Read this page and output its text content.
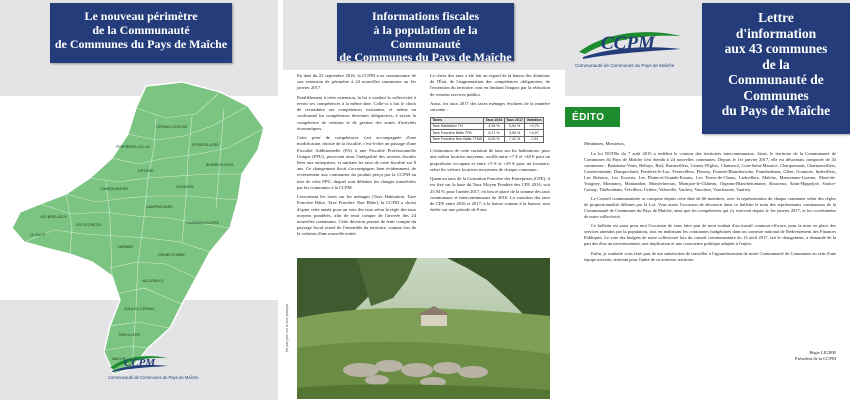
Le nouveau périmètre
de la Communauté
de Communes du Pays de Maîche
CERNAY-L'EGLISE
FERRIÈRES-LE-LAC	FESSEVILLERS
URTIÈRE
BURNEVILLERS
GOUMOIS
CHARQUEMONT
DAMPRICHARD
LES BREULEUX
LES ECORCES	CHARMAUVILLERS
LE BIZOT
NARBIEF
GRAND'COMBE
VALOREILLE
SOULCE-CERNAY
TREVILLERS
MAICHE
CCPM
Communauté de Communes du Pays de Maîche
Informations fiscales
à la population de la Communauté
de Communes du Pays de Maîche

En date du 22 septembre 2016, la CCPM a eu connaissance de son extension de périmètre à 24 nouvelles communes au 1er janvier 2017.

Parallèlement à cette extension, la loi a conduit la collectivité à revoir ses compétences à la même date. Celle-ci a fait le choix de reconduire ses compétences existantes, et même en conformité les compétences devenues obligatoires, à savoir la compétence de création et de gestion des zones d'activités économiques.

Cette prise de compétences s'est accompagnée d'une modification choisie de la fiscalité, c'est-à-dire un passage d'une Fiscalité Additionnelle (FA) à une Fiscalité Professionnelle Unique (FPU), percevant ainsi l'intégralité des recettes fiscales liées aux entreprises, et unifiant les taux de cette fiscalité sur 8 ans. Ce changement fiscal s'accompagne, bien évidemment, de reversement aux communes du produit perçu par la CCPM au titre de cette FPU, duquel sont déduites les charges transférées par les communes à la CCPM.

Concernant les taxes sur les ménages (Taxe Habitation, Taxe Foncière Bâtie, Taxe Foncière Non Bâtie), la CCPM a choisi d'opter cette année pour un vote des taux selon la règle des taux moyens pondérés, afin de tenir compte de l'arrivée des 24 nouvelles communes. Cette décision permet de tenir compte du paysage fiscal actuel de l'ensemble du territoire, comme lors de la création d'une nouvelle entité.

Le choix des taux a été fait au regard de la baisse des dotations de l'État, de l'augmentation des compétences obligatoires, de l'extension du territoire, tout en limitant l'impact par la réduction de certains services publics.

Aussi, les taux 2017 des taxes ménages évoluent de la manière suivante :

Taxes	Taux 2016	Taux 2017	Variation
Taxe Habitation TH	4,94 %	5,94 %	+0,70
Taxe Foncière Bâtie TFB	5,17 %	3,95 %	+0,07
Taxe Foncière Non Bâtie TFNB	8,00 %	7,42 %	-7,54

L'estimation de cette variation de taux sur les habitations, pour une valeur locative moyenne, oscille entre +7 € et +40 € pour un propriétaire occupant et entre +5 € et +29 € pour un locataire, selon les valeurs locatives moyennes de chaque commune.

Quant au taux de la Cotisation Foncière des Entreprises (CFE), il est fixé sur la base du Taux Moyen Pondéré des CFE 2016, soit 23.94 % pour l'année 2017, en lieu et place de la somme des taux communaux et intercommunaux de 2016. La variation des taux de CFE entre 2016 et 2017, à la baisse comme à la hausse, sera étalée sur une période de 8 ans.

Ne pas jeter sur la voie publique
CCPM
Communauté de Communes du Pays de Maîche
Lettre
d'information
aux 43 communes
de la
Communauté de
Communes
du Pays de Maîche
ÉDITO

Mesdames, Messieurs,

La loi NOTRe du 7 août 2015 a redéfini le contour des territoires intercommunaux. Ainsi, le territoire de la Communauté de Communes du Pays de Maîche s'est étendu à 24 nouvelles communes. Depuis le 1er janvier 2017, elle est désormais composée de 43 communes : Battenans-Varin, Belfays, Bief, Burnevillers, Cernay-l'Eglise, Chamesol, Cour-Saint-Maurice, Charquemont, Charmauvillers, Courtefontaine, Damprichard, Ferrières-le-Lac, Fessevillers, Fleurey, Fournet-Blancheroche, Frambouhans, Glère, Goumois, Indevillers, Les Bréseux, Les Ecorces, Les Plains-et-Grands-Essarts, Les Terres-de-Chaux, Liebvillers, Maîche, Mancenans-Lizerne, Mont-de-Vougney, Montancy, Montandon, Montécheroux, Montjoie-le-Château, Orgeans-Blanchefontaine, Rosureux, Saint-Hippolyte, Soulce-Cernay, Thiébouhans, Trévillers, Urtière, Valoreille, Vaufrey, Vaucluse, Vauclusotte, Vaufrey.

Le Conseil communautaire se compose depuis cette date de 66 membres, avec la représentation de chaque commune selon des règles de proportionnalité définies par la Loi. Vous aurez l'occasion de découvrir dans ce bulletin le nom des représentants communaux de la Communauté de Communes du Pays de Maîche, ainsi que les compétences qui s'y exercent depuis le 1er janvier 2017, et les coordonnées de notre collectivité.

Ce bulletin est aussi pour moi l'occasion de vous faire part de mon souhait d'un travail commun efficace, pour la mise en place des services attendus par la population, tout en maîtrisant les contraintes budgétaires dans un contexte national de Redressement des Finances Publiques. Le vote des budgets de notre collectivité lors du conseil communautaire du 13 avril 2017, fait le changement, a demandé de la part des élus un investissement, une implication et une conscience politique adaptés à l'enjeu.

Enfin, je souhaite vous faire part de ma satisfaction de travailler à l'agrandissement de notre Communauté de Communes au sein d'une équipe investie, œuvrant pour l'unité de ce nouveau territoire.

Régis LIGIER
Président de la CCPM
